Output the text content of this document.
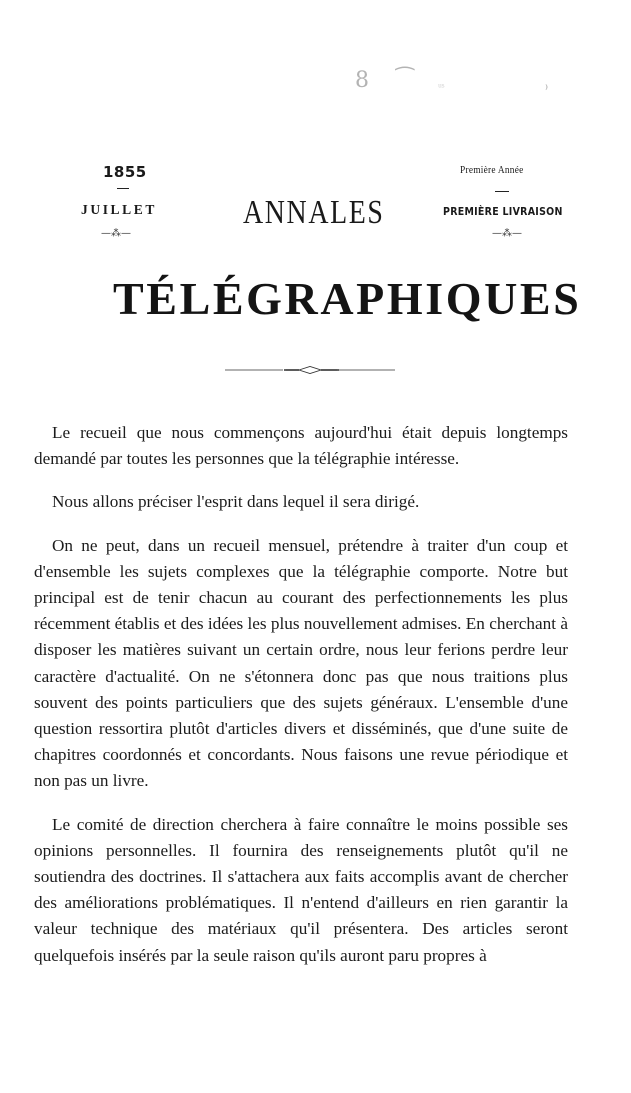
8 ⁀ ᵘˢ	⁾
1855
JUILLET
—⁂—
ANNALES
Première Année
PREMIÈRE LIVRAISON
—⁂—
TÉLÉGRAPHIQUES

Le recueil que nous commençons aujourd'hui était depuis longtemps demandé par toutes les personnes que la télégraphie intéresse.

Nous allons préciser l'esprit dans lequel il sera dirigé.

On ne peut, dans un recueil mensuel, prétendre à traiter d'un coup et d'ensemble les sujets complexes que la télégraphie comporte. Notre but principal est de tenir chacun au courant des perfectionnements les plus récemment établis et des idées les plus nouvellement admises. En cherchant à disposer les matières suivant un certain ordre, nous leur ferions perdre leur caractère d'actualité. On ne s'étonnera donc pas que nous traitions plus souvent des points particuliers que des sujets généraux. L'ensemble d'une question ressortira plutôt d'articles divers et disséminés, que d'une suite de chapitres coordonnés et concordants. Nous faisons une revue périodique et non pas un livre.

Le comité de direction cherchera à faire connaître le moins possible ses opinions personnelles. Il fournira des renseignements plutôt qu'il ne soutiendra des doctrines. Il s'attachera aux faits accomplis avant de chercher des améliorations problématiques. Il n'entend d'ailleurs en rien garantir la valeur technique des matériaux qu'il présentera. Des articles seront quelquefois insérés par la seule raison qu'ils auront paru propres à
